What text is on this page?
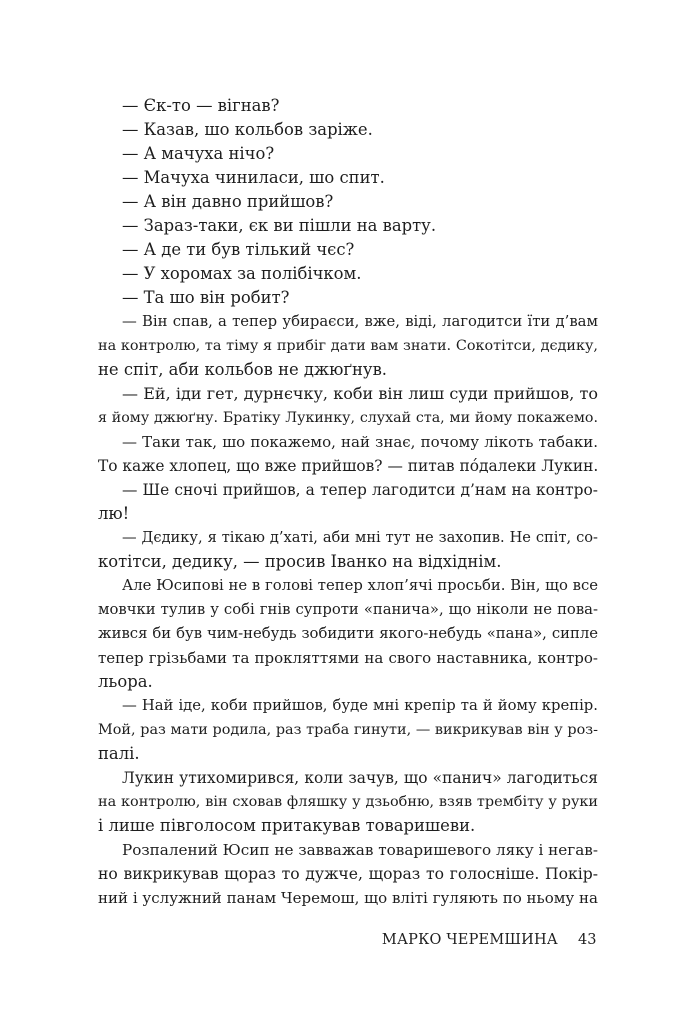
— Єк-то — вігнав?
— Казав, шо кольбов заріже.
— А мачуха нічо?
— Мачуха чиниласи, шо спит.
— А він давно прийшов?
— Зараз-таки, єк ви пішли на варту.
— А де ти був тілький чєс?
— У хоромах за полібічком.
— Та шо він робит?
— Він спав, а тепер убираєси, вже, віді, лагодитси їти д’вам
на контролю, та тіму я прибіг дати вам знати. Сокотітси, дєдику,
не спіт, аби кольбов не джюґнув.
— Ей, іди гет, дурнєчку, коби він лиш суди прийшов, то
я йому джюґну. Братіку Лукинку, слухай ста, ми йому покажемо.
— Таки так, шо покажемо, най знає, почому лікоть табаки.
То каже хлопец, що вже прийшов? — питав пóдалеки Лукин.
— Ше сночі прийшов, а тепер лагодитси д’нам на контро-
лю!
— Дєдику, я тікаю д’хаті, аби мні тут не захопив. Не спіт, со-
котітси, дедику, — просив Іванко на відхіднім.
Але Юсипові не в голові тепер хлоп’ячі просьби. Він, що все
мовчки тулив у собі гнів супроти «панича», що ніколи не пова-
жився би був чим-небудь зобидити якого-небудь «пана», сипле
тепер грізьбами та прокляттями на свого наставника, контро-
льора.
— Най іде, коби прийшов, буде мні крепір та й йому крепір.
Мой, раз мати родила, раз траба гинути, — викрикував він у роз-
палі.
Лукин утихомирився, коли зачув, що «панич» лагодиться
на контролю, він сховав фляшку у дзьобню, взяв трембіту у руки
і лише півголосом притакував товаришеви.
Розпалений Юсип не завважав товаришевого ляку і негав-
но викрикував щораз то дужче, щораз то голосніше. Покір-
ний і услужний панам Черемош, що вліті гуляють по ньому на
МАРКО ЧЕРЕМШИНА 43
